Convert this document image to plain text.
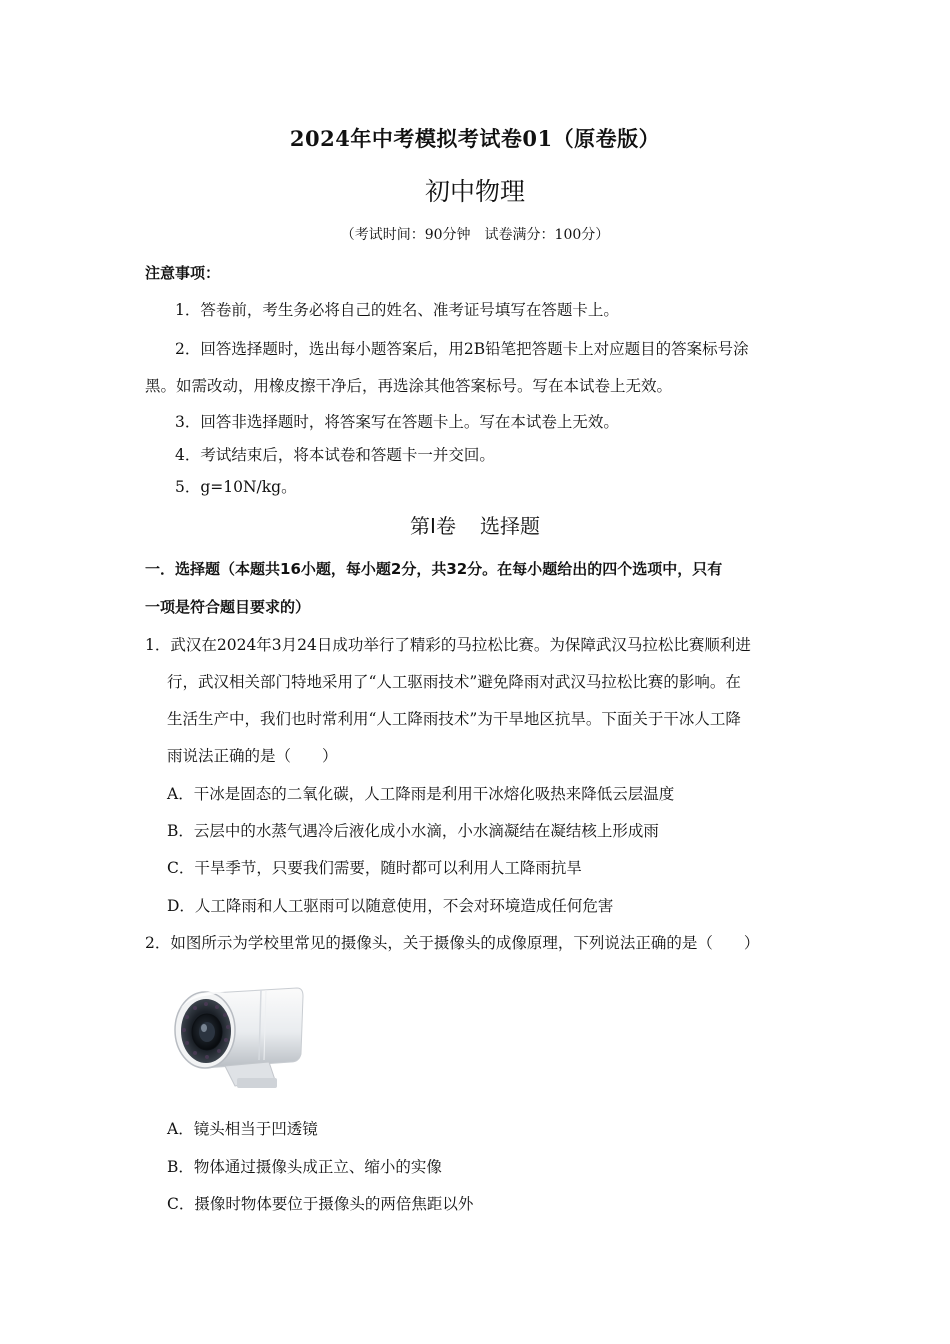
2024年中考模拟考试卷01（原卷版）
初中物理
（考试时间：90分钟 试卷满分：100分）
注意事项：
1．答卷前，考生务必将自己的姓名、准考证号填写在答题卡上。
2．回答选择题时，选出每小题答案后，用2B铅笔把答题卡上对应题目的答案标号涂
黑。如需改动，用橡皮擦干净后，再选涂其他答案标号。写在本试卷上无效。
3．回答非选择题时，将答案写在答题卡上。写在本试卷上无效。
4．考试结束后，将本试卷和答题卡一并交回。
5．g=10N/kg。
第Ⅰ卷 选择题
一．选择题（本题共16小题，每小题2分，共32分。在每小题给出的四个选项中，只有
一项是符合题目要求的）
1．武汉在2024年3月24日成功举行了精彩的马拉松比赛。为保障武汉马拉松比赛顺利进
行，武汉相关部门特地采用了“人工驱雨技术”避免降雨对武汉马拉松比赛的影响。在
生活生产中，我们也时常利用“人工降雨技术”为干旱地区抗旱。下面关于干冰人工降
雨说法正确的是（　　）
A．干冰是固态的二氧化碳，人工降雨是利用干冰熔化吸热来降低云层温度
B．云层中的水蒸气遇冷后液化成小水滴，小水滴凝结在凝结核上形成雨
C．干旱季节，只要我们需要，随时都可以利用人工降雨抗旱
D．人工降雨和人工驱雨可以随意使用，不会对环境造成任何危害
2．如图所示为学校里常见的摄像头，关于摄像头的成像原理，下列说法正确的是（　　）
A．镜头相当于凹透镜
B．物体通过摄像头成正立、缩小的实像
C．摄像时物体要位于摄像头的两倍焦距以外
